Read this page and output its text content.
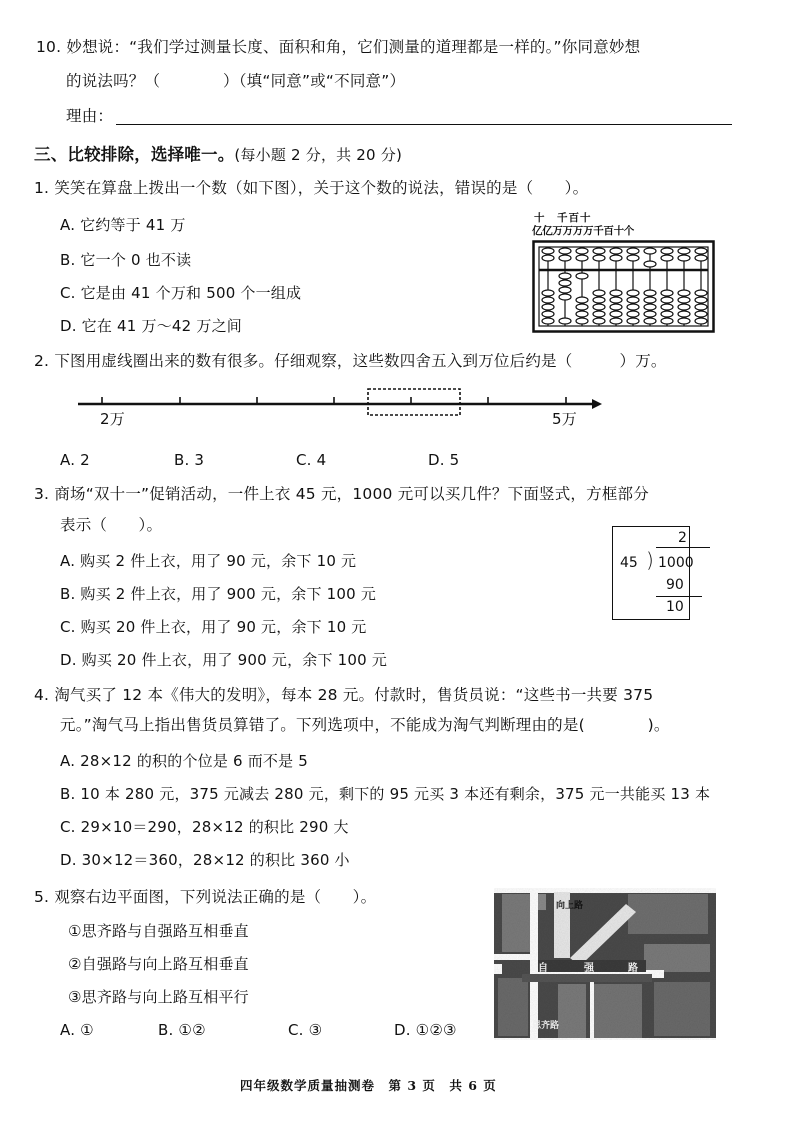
10. 妙想说：“我们学过测量长度、面积和角，它们测量的道理都是一样的。”你同意妙想
的说法吗？（　　　　）（填“同意”或“不同意”）
理由：
三、比较排除，选择唯一。(每小题 2 分，共 20 分)
1. 笑笑在算盘上拨出一个数（如下图），关于这个数的说法，错误的是（　　）。
A. 它约等于 41 万
B. 它一个 0 也不读
C. 它是由 41 个万和 500 个一组成
D. 它在 41 万～42 万之间
十　千百十
亿亿万万万万千百十个
2. 下图用虚线圈出来的数有很多。仔细观察，这些数四舍五入到万位后约是（　　　）万。
2万	5万
A. 2	B. 3	C. 4	D. 5
3. 商场“双十一”促销活动，一件上衣 45 元，1000 元可以买几件？下面竖式，方框部分
表示（　　）。
A. 购买 2 件上衣，用了 90 元，余下 10 元
B. 购买 2 件上衣，用了 900 元，余下 100 元
C. 购买 20 件上衣，用了 90 元，余下 10 元
D. 购买 20 件上衣，用了 900 元，余下 100 元
2
45 ) 1000
90
10
4. 淘气买了 12 本《伟大的发明》，每本 28 元。付款时，售货员说：“这些书一共要 375
元。”淘气马上指出售货员算错了。下列选项中，不能成为淘气判断理由的是(　　　　)。
A. 28×12 的积的个位是 6 而不是 5
B. 10 本 280 元，375 元减去 280 元，剩下的 95 元买 3 本还有剩余，375 元一共能买 13 本
C. 29×10＝290，28×12 的积比 290 大
D. 30×12＝360，28×12 的积比 360 小
5. 观察右边平面图，下列说法正确的是（　　）。
①思齐路与自强路互相垂直
②自强路与向上路互相垂直
③思齐路与向上路互相平行
A. ①	B. ①②	C. ③	D. ①②③
向上路
自	强	路
思齐路
四年级数学质量抽测卷　第 3 页　共 6 页
